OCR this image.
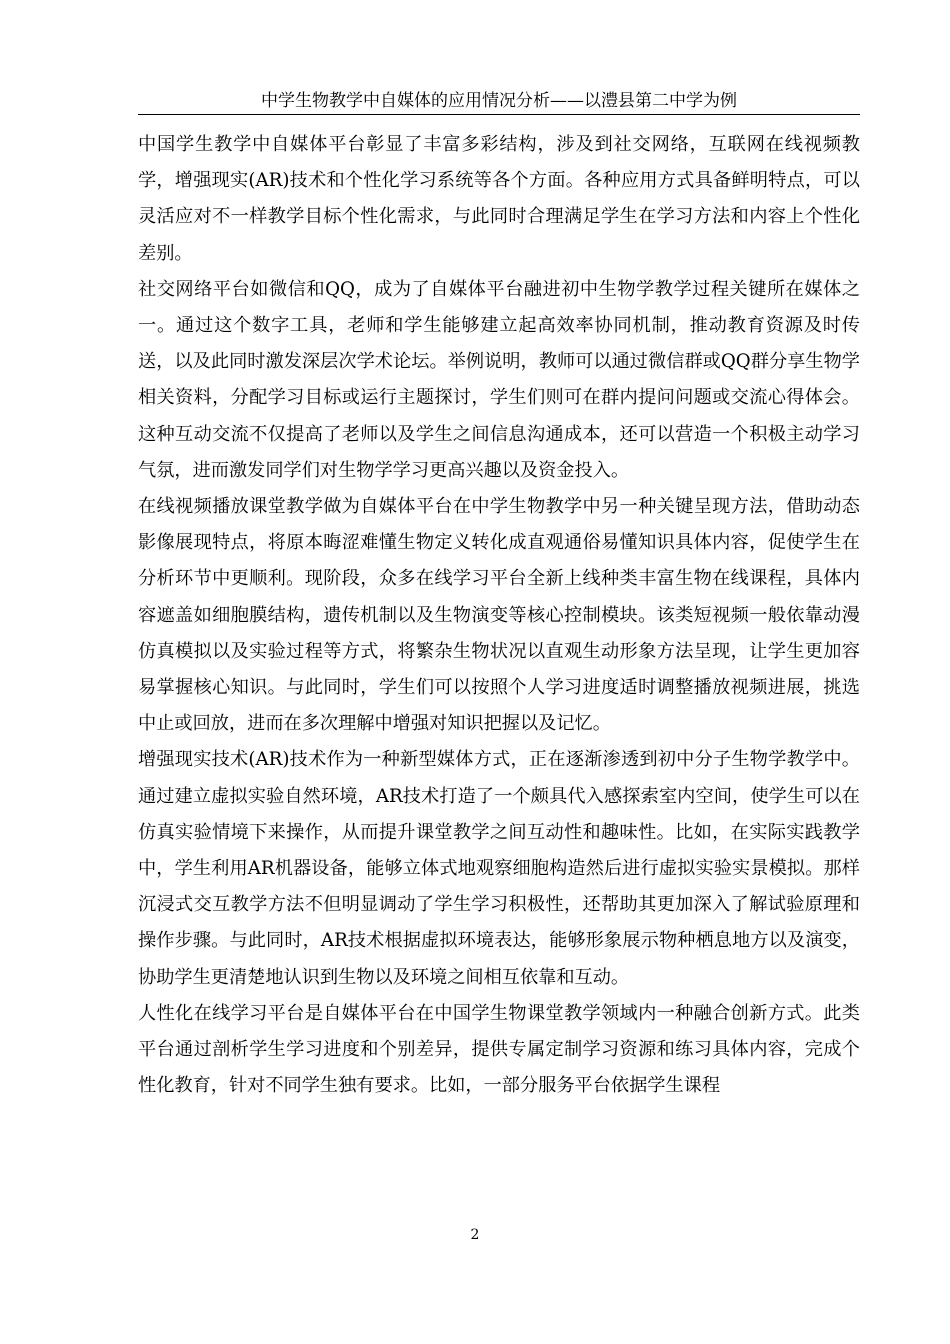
中学生物教学中自媒体的应用情况分析——以澧县第二中学为例

中国学生教学中自媒体平台彰显了丰富多彩结构，涉及到社交网络，互联网在线视频教学，增强现实(AR)技术和个性化学习系统等各个方面。各种应用方式具备鲜明特点，可以灵活应对不一样教学目标个性化需求，与此同时合理满足学生在学习方法和内容上个性化差别。

社交网络平台如微信和QQ，成为了自媒体平台融进初中生物学教学过程关键所在媒体之一。通过这个数字工具，老师和学生能够建立起高效率协同机制，推动教育资源及时传送，以及此同时激发深层次学术论坛。举例说明，教师可以通过微信群或QQ群分享生物学相关资料，分配学习目标或运行主题探讨，学生们则可在群内提问问题或交流心得体会。这种互动交流不仅提高了老师以及学生之间信息沟通成本，还可以营造一个积极主动学习气氛，进而激发同学们对生物学学习更高兴趣以及资金投入。

在线视频播放课堂教学做为自媒体平台在中学生物教学中另一种关键呈现方法，借助动态影像展现特点，将原本晦涩难懂生物定义转化成直观通俗易懂知识具体内容，促使学生在分析环节中更顺利。现阶段，众多在线学习平台全新上线种类丰富生物在线课程，具体内容遮盖如细胞膜结构，遗传机制以及生物演变等核心控制模块。该类短视频一般依靠动漫仿真模拟以及实验过程等方式，将繁杂生物状况以直观生动形象方法呈现，让学生更加容易掌握核心知识。与此同时，学生们可以按照个人学习进度适时调整播放视频进展，挑选中止或回放，进而在多次理解中增强对知识把握以及记忆。

增强现实技术(AR)技术作为一种新型媒体方式，正在逐渐渗透到初中分子生物学教学中。通过建立虚拟实验自然环境，AR技术打造了一个颇具代入感探索室内空间，使学生可以在仿真实验情境下来操作，从而提升课堂教学之间互动性和趣味性。比如，在实际实践教学中，学生利用AR机器设备，能够立体式地观察细胞构造然后进行虚拟实验实景模拟。那样沉浸式交互教学方法不但明显调动了学生学习积极性，还帮助其更加深入了解试验原理和操作步骤。与此同时，AR技术根据虚拟环境表达，能够形象展示物种栖息地方以及演变，协助学生更清楚地认识到生物以及环境之间相互依靠和互动。

人性化在线学习平台是自媒体平台在中国学生物课堂教学领域内一种融合创新方式。此类平台通过剖析学生学习进度和个别差异，提供专属定制学习资源和练习具体内容，完成个性化教育，针对不同学生独有要求。比如，一部分服务平台依据学生课程

2
